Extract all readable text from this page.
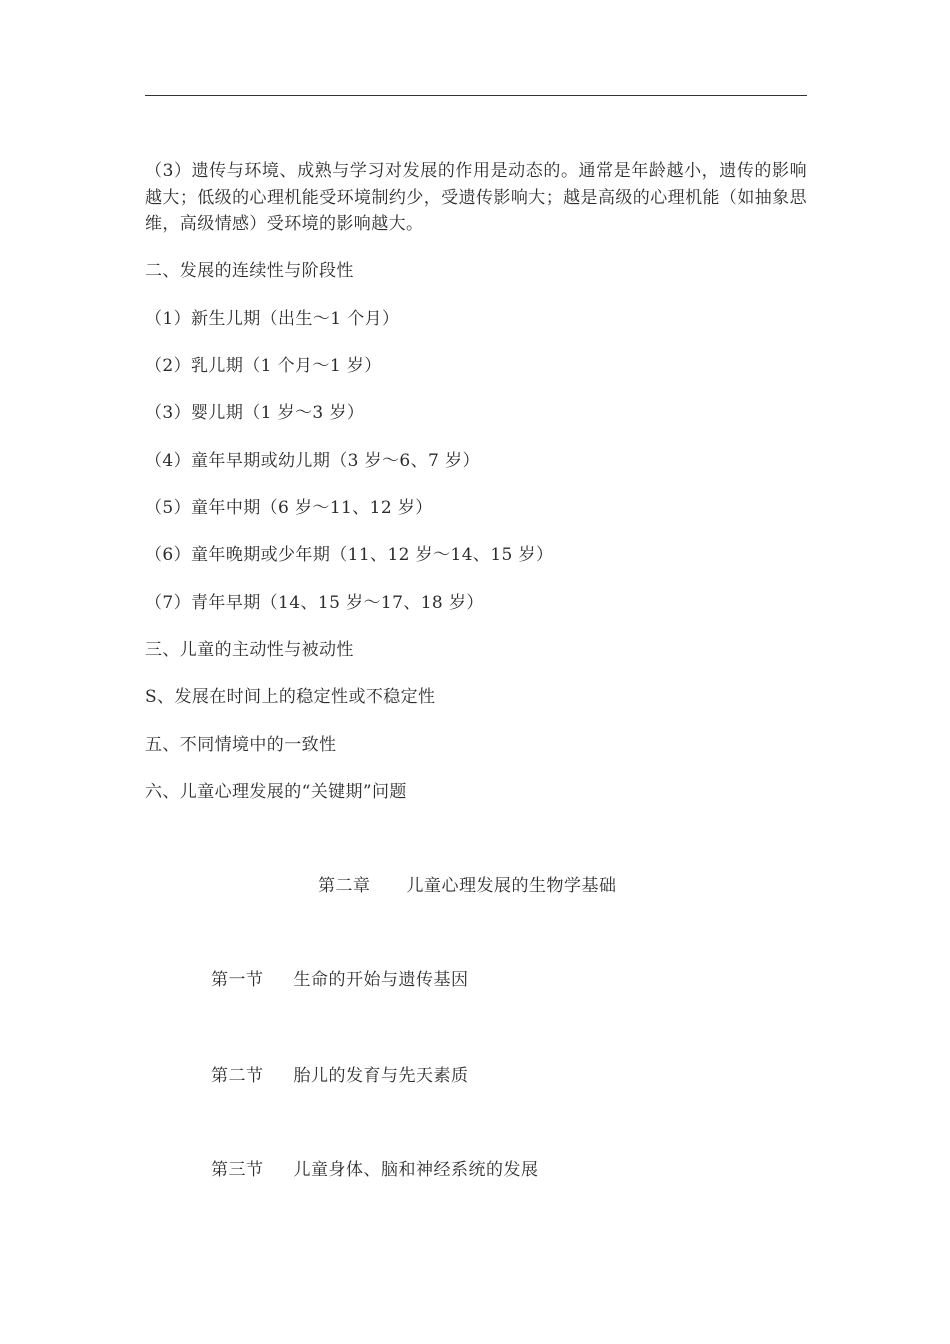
（3）遗传与环境、成熟与学习对发展的作用是动态的。通常是年龄越小，遗传的影响越大；低级的心理机能受环境制约少，受遗传影响大；越是高级的心理机能（如抽象思维，高级情感）受环境的影响越大。
二、发展的连续性与阶段性
（1）新生儿期（出生～1 个月）
（2）乳儿期（1 个月～1 岁）
（3）婴儿期（1 岁～3 岁）
（4）童年早期或幼儿期（3 岁～6、7 岁）
（5）童年中期（6 岁～11、12 岁）
（6）童年晚期或少年期（11、12 岁～14、15 岁）
（7）青年早期（14、15 岁～17、18 岁）
三、儿童的主动性与被动性
S、发展在时间上的稳定性或不稳定性
五、不同情境中的一致性
六、儿童心理发展的“关键期”问题
第二章 儿童心理发展的生物学基础
第一节 生命的开始与遗传基因
第二节 胎儿的发育与先天素质
第三节 儿童身体、脑和神经系统的发展
